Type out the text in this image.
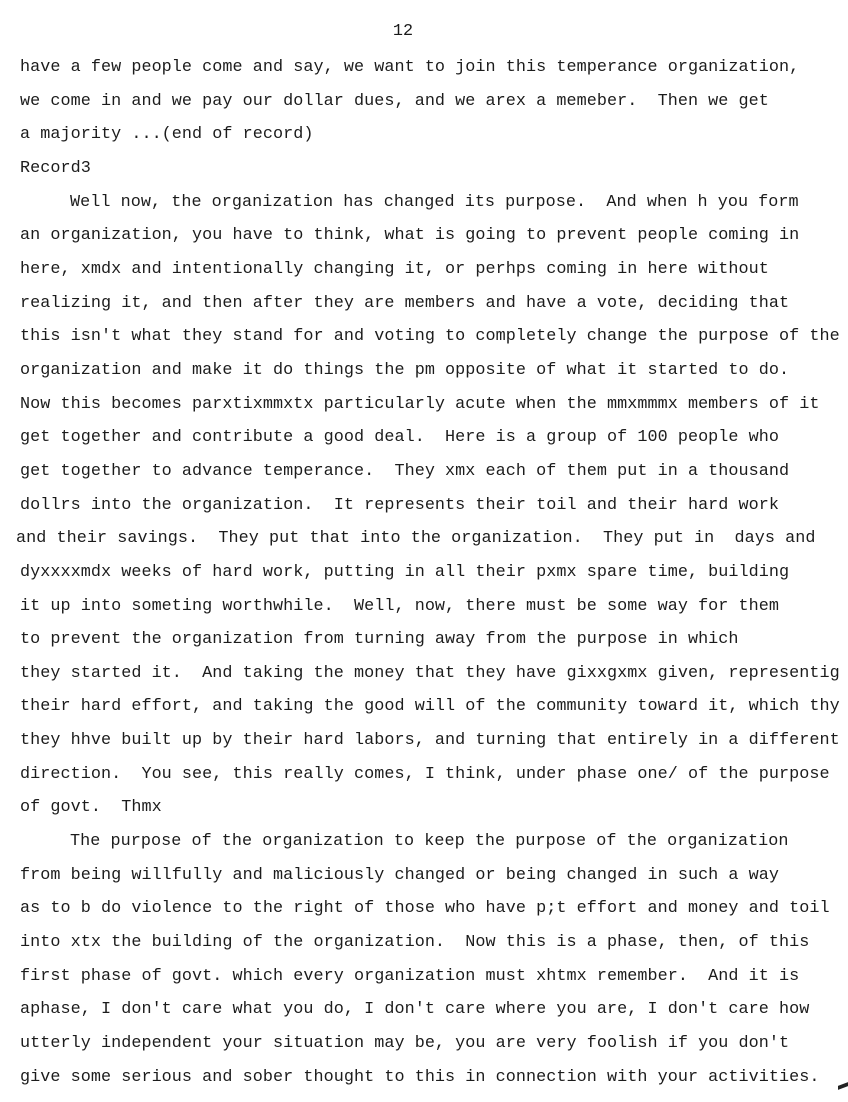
12
have a few people come and say, we want to join this temperance organization,
we come in and we pay our dollar dues, and we arex a memeber.  Then we get
a majority ...(end of record)
Record3
Well now, the organization has changed its purpose.  And when h you form
an organization, you have to think, what is going to prevent people coming in
here, xmdx and intentionally changing it, or perhps coming in here without
realizing it, and then after they are members and have a vote, deciding that
this isn't what they stand for and voting to completely change the purpose of the
organization and make it do things the pm opposite of what it started to do.
Now this becomes parxtixmmxtx particularly acute when the mmxmmmx members of it
get together and contribute a good deal.  Here is a group of 100 people who
get together to advance temperance.  They xmx each of them put in a thousand
dollrs into the organization.  It represents their toil and their hard work
and their savings.  They put that into the organization.  They put in  days and
dyxxxxmdx weeks of hard work, putting in all their pxmx spare time, building
it up into someting worthwhile.  Well, now, there must be some way for them
to prevent the organization from turning away from the purpose in which
they started it.  And taking the money that they have gixxgxmx given, representig
their hard effort, and taking the good will of the community toward it, which thy
they hhve built up by their hard labors, and turning that entirely in a different
direction.  You see, this really comes, I think, under phase one/ of the purpose
of govt.  Thmx
The purpose of the organization to keep the purpose of the organization
from being willfully and maliciously changed or being changed in such a way
as to b do violence to the right of those who have p;t effort and money and toil
into xtx the building of the organization.  Now this is a phase, then, of this
first phase of govt. which every organization must xhtmx remember.  And it is
aphase, I don't care what you do, I don't care where you are, I don't care how
utterly independent your situation may be, you are very foolish if you don't
give some serious and sober thought to this in connection with your activities.
